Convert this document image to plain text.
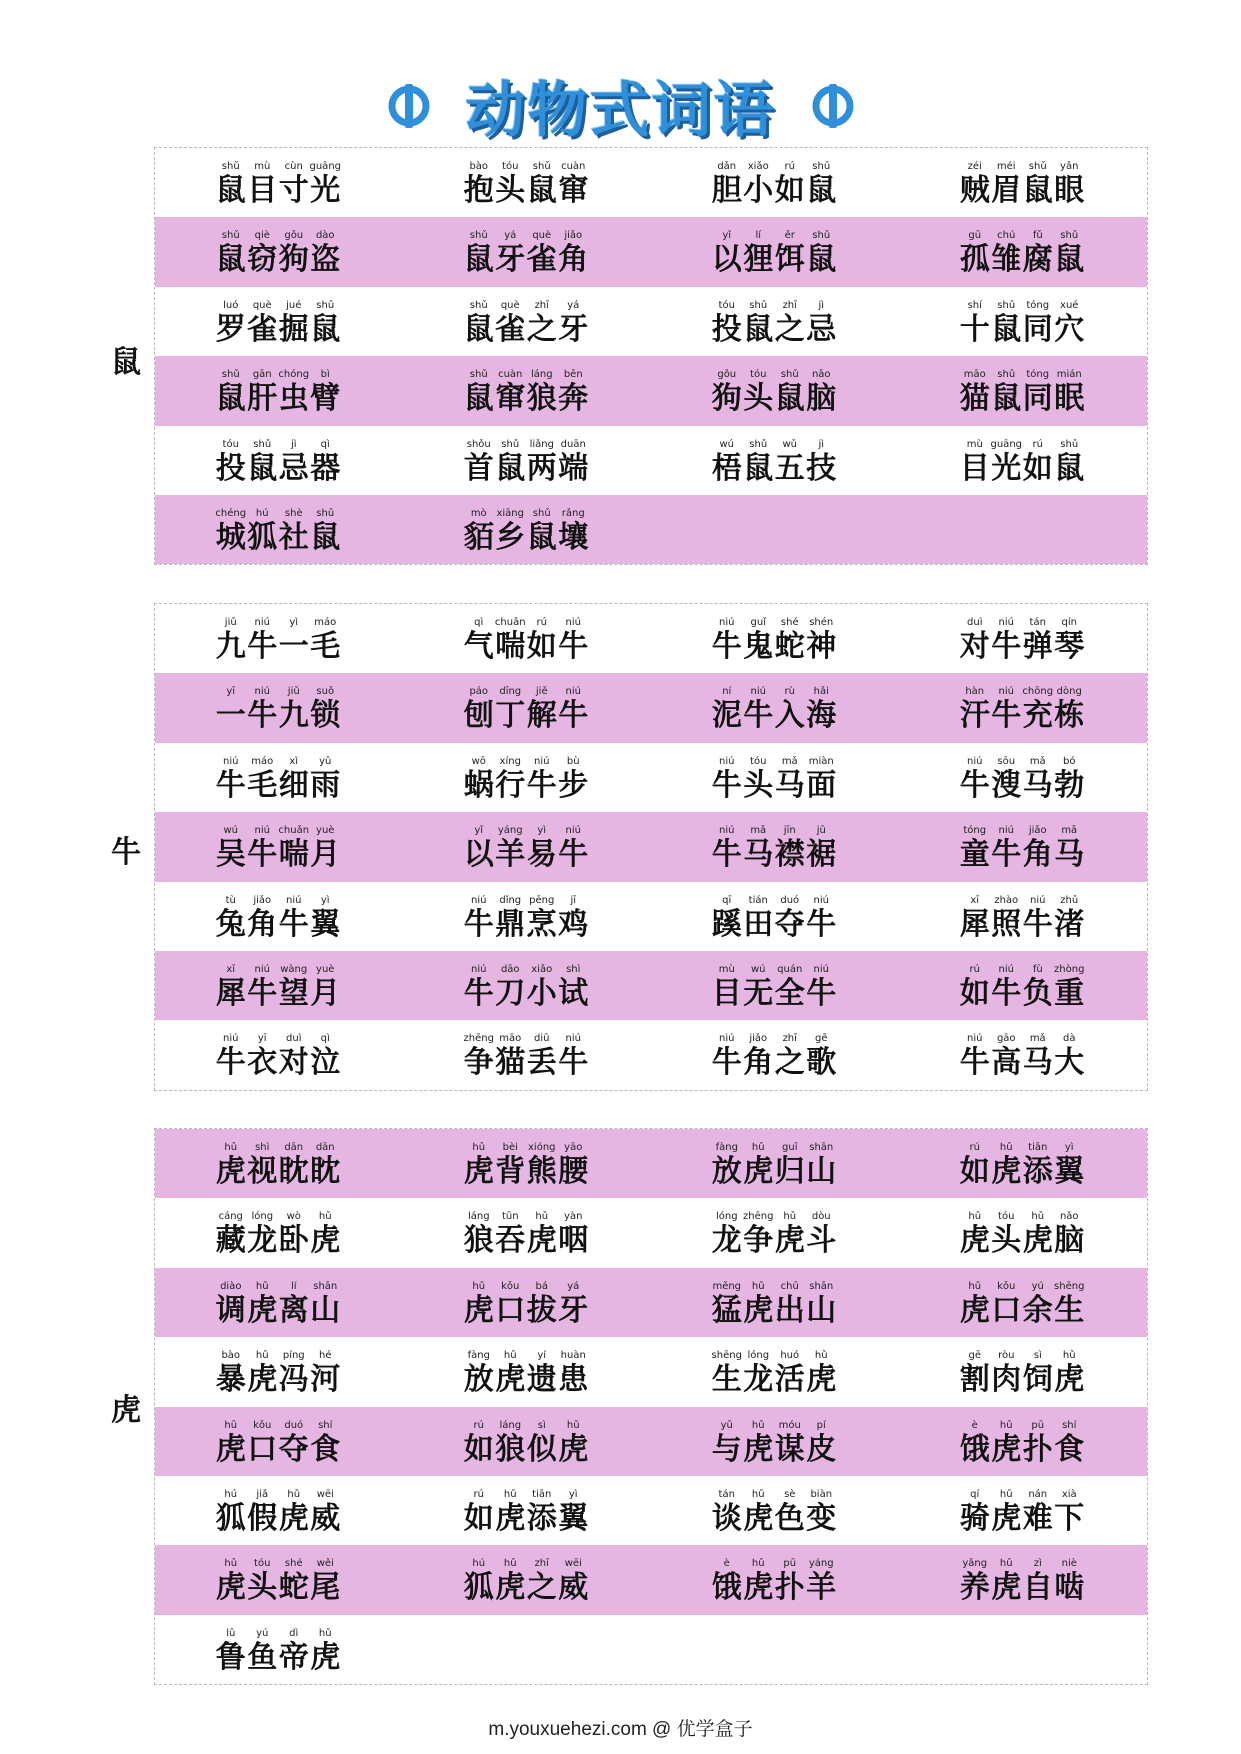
动物式词语
鼠
shǔ
鼠
mù
目
cùn
寸
guāng
光
bào
抱
tóu
头
shǔ
鼠
cuàn
窜
dǎn
胆
xiǎo
小
rú
如
shǔ
鼠
zéi
贼
méi
眉
shǔ
鼠
yǎn
眼
shǔ
鼠
qiè
窃
gǒu
狗
dào
盗
shǔ
鼠
yá
牙
què
雀
jiǎo
角
yǐ
以
lí
狸
ěr
饵
shǔ
鼠
gū
孤
chú
雏
fǔ
腐
shǔ
鼠
luó
罗
què
雀
jué
掘
shǔ
鼠
shǔ
鼠
què
雀
zhī
之
yá
牙
tóu
投
shǔ
鼠
zhī
之
jì
忌
shí
十
shǔ
鼠
tóng
同
xué
穴
shǔ
鼠
gān
肝
chóng
虫
bì
臂
shǔ
鼠
cuàn
窜
láng
狼
bēn
奔
gǒu
狗
tóu
头
shǔ
鼠
nǎo
脑
māo
猫
shǔ
鼠
tóng
同
mián
眠
tóu
投
shǔ
鼠
jì
忌
qì
器
shǒu
首
shǔ
鼠
liǎng
两
duān
端
wú
梧
shǔ
鼠
wǔ
五
jì
技
mù
目
guāng
光
rú
如
shǔ
鼠
chéng
城
hú
狐
shè
社
shǔ
鼠
mò
貊
xiāng
乡
shǔ
鼠
rǎng
壤
牛
jiǔ
九
niú
牛
yì
一
máo
毛
qì
气
chuǎn
喘
rú
如
niú
牛
niú
牛
guǐ
鬼
shé
蛇
shén
神
duì
对
niú
牛
tán
弹
qín
琴
yī
一
niú
牛
jiǔ
九
suǒ
锁
páo
刨
dīng
丁
jiě
解
niú
牛
ní
泥
niú
牛
rù
入
hǎi
海
hàn
汗
niú
牛
chōng
充
dòng
栋
niú
牛
máo
毛
xì
细
yǔ
雨
wō
蜗
xíng
行
niú
牛
bù
步
niú
牛
tóu
头
mǎ
马
miàn
面
niú
牛
sōu
溲
mǎ
马
bó
勃
wú
吴
niú
牛
chuǎn
喘
yuè
月
yǐ
以
yáng
羊
yì
易
niú
牛
niú
牛
mǎ
马
jīn
襟
jū
裾
tóng
童
niú
牛
jiǎo
角
mǎ
马
tù
兔
jiǎo
角
niú
牛
yì
翼
niú
牛
dǐng
鼎
pēng
烹
jī
鸡
qī
蹊
tián
田
duó
夺
niú
牛
xī
犀
zhào
照
niú
牛
zhǔ
渚
xī
犀
niú
牛
wàng
望
yuè
月
niú
牛
dāo
刀
xiǎo
小
shì
试
mù
目
wú
无
quán
全
niú
牛
rú
如
niú
牛
fù
负
zhòng
重
niú
牛
yī
衣
duì
对
qì
泣
zhēng
争
māo
猫
diū
丢
niú
牛
niú
牛
jiǎo
角
zhī
之
gē
歌
niú
牛
gāo
高
mǎ
马
dà
大
虎
hǔ
虎
shì
视
dān
眈
dān
眈
hǔ
虎
bèi
背
xióng
熊
yāo
腰
fàng
放
hǔ
虎
guī
归
shān
山
rú
如
hǔ
虎
tiān
添
yì
翼
cáng
藏
lóng
龙
wò
卧
hǔ
虎
láng
狼
tūn
吞
hǔ
虎
yàn
咽
lóng
龙
zhēng
争
hǔ
虎
dòu
斗
hǔ
虎
tóu
头
hǔ
虎
nǎo
脑
diào
调
hǔ
虎
lí
离
shān
山
hǔ
虎
kǒu
口
bá
拔
yá
牙
měng
猛
hǔ
虎
chū
出
shān
山
hǔ
虎
kǒu
口
yú
余
shēng
生
bào
暴
hǔ
虎
píng
冯
hé
河
fàng
放
hǔ
虎
yí
遗
huàn
患
shēng
生
lóng
龙
huó
活
hǔ
虎
gē
割
ròu
肉
sì
饲
hǔ
虎
hǔ
虎
kǒu
口
duó
夺
shí
食
rú
如
láng
狼
sì
似
hǔ
虎
yǔ
与
hǔ
虎
móu
谋
pí
皮
è
饿
hǔ
虎
pū
扑
shí
食
hú
狐
jiǎ
假
hǔ
虎
wēi
威
rú
如
hǔ
虎
tiān
添
yì
翼
tán
谈
hǔ
虎
sè
色
biàn
变
qí
骑
hǔ
虎
nán
难
xià
下
hǔ
虎
tóu
头
shé
蛇
wěi
尾
hú
狐
hǔ
虎
zhī
之
wēi
威
è
饿
hǔ
虎
pū
扑
yáng
羊
yǎng
养
hǔ
虎
zì
自
niè
啮
lǔ
鲁
yú
鱼
dì
帝
hǔ
虎
m.youxuehezi.com @ 优学盒子
